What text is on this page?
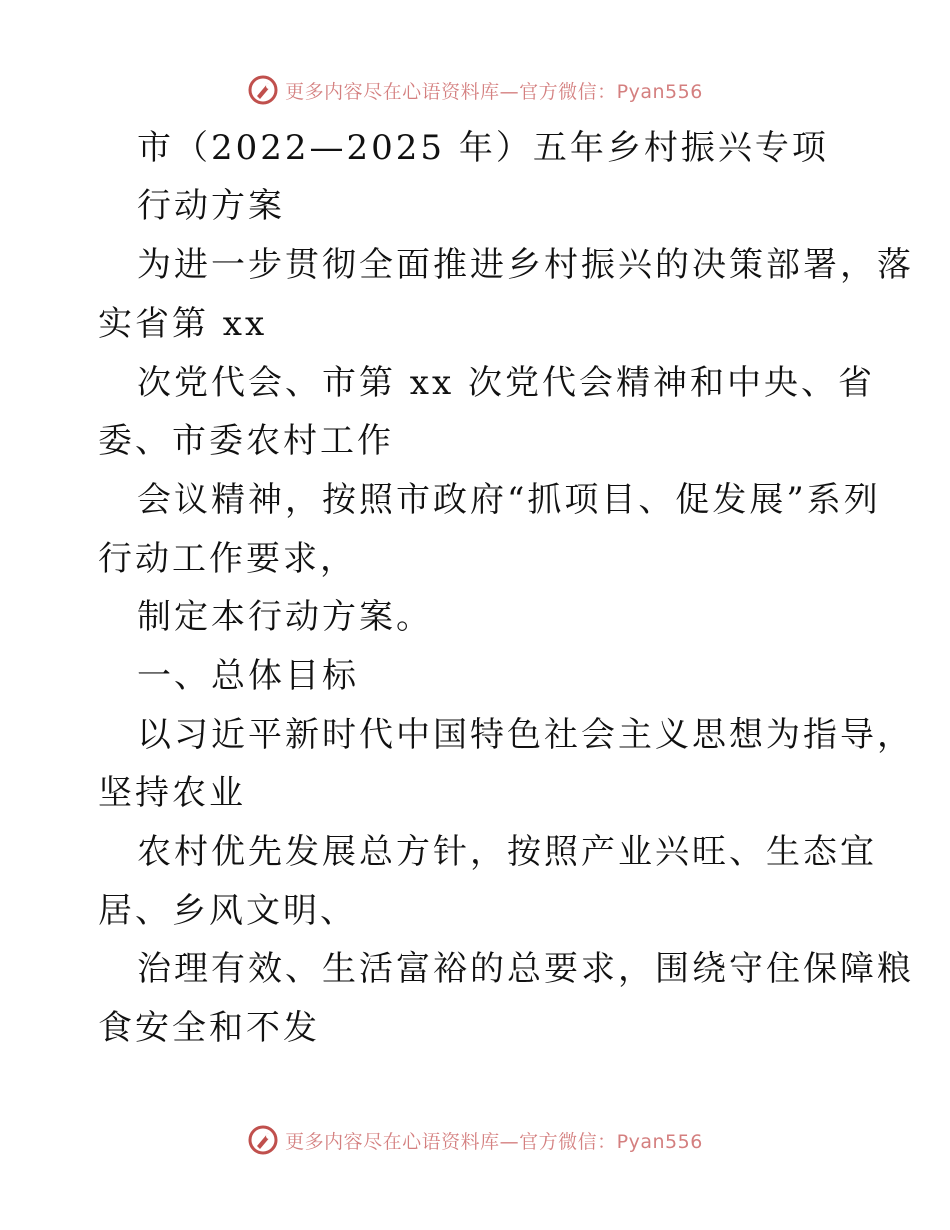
更多内容尽在心语资料库—官方微信：Pyan556
市（2022—2025 年）五年乡村振兴专项
行动方案
为进一步贯彻全面推进乡村振兴的决策部署，落
实省第 xx
次党代会、市第 xx 次党代会精神和中央、省
委、市委农村工作
会议精神，按照市政府“抓项目、促发展”系列
行动工作要求，
制定本行动方案。
一、总体目标
以习近平新时代中国特色社会主义思想为指导，
坚持农业
农村优先发展总方针，按照产业兴旺、生态宜
居、乡风文明、
治理有效、生活富裕的总要求，围绕守住保障粮
食安全和不发
更多内容尽在心语资料库—官方微信：Pyan556
